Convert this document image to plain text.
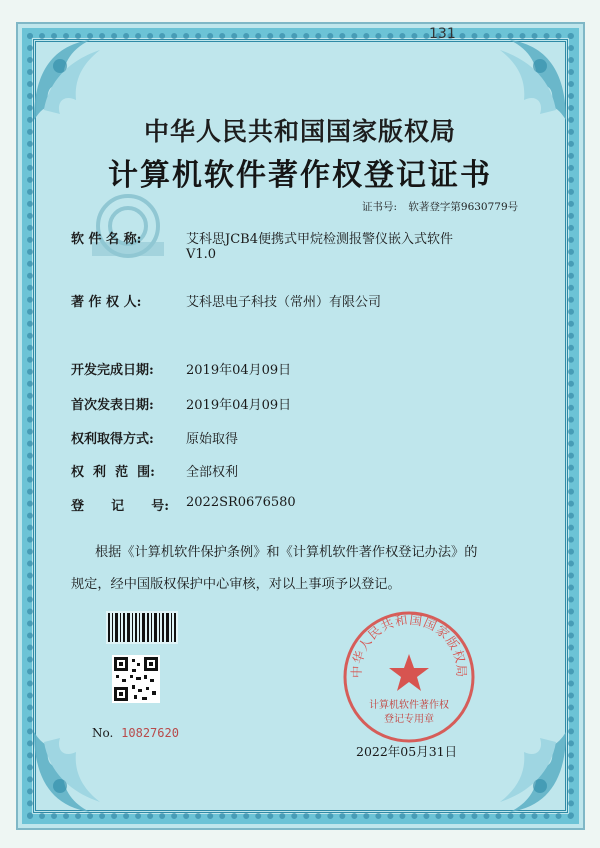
131
中华人民共和国国家版权局
计算机软件著作权登记证书
证书号: 软著登字第9630779号
软 件 名 称:	艾科思JCB4便携式甲烷检测报警仪嵌入式软件
V1.0
著 作 权 人:	艾科思电子科技（常州）有限公司
开发完成日期: 2019年04月09日
首次发表日期: 2019年04月09日
权利取得方式: 原始取得
权  利  范  围: 全部权利
登      记      号: 2022SR0676580
根据《计算机软件保护条例》和《计算机软件著作权登记办法》的
规定，经中国版权保护中心审核，对以上事项予以登记。
No. 10827620
中华人民共和国国家版权局
计算机软件著作权
登记专用章
2022年05月31日
